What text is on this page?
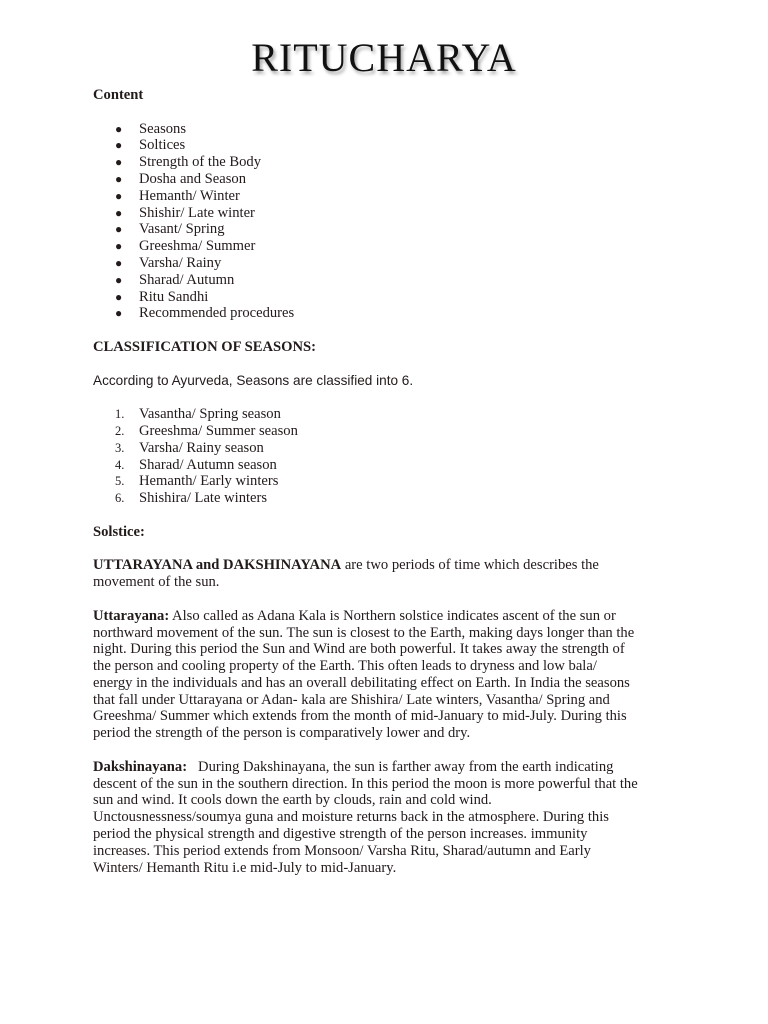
RITUCHARYA

Content

● Seasons
● Soltices
● Strength of the Body
● Dosha and Season
● Hemanth/ Winter
● Shishir/ Late winter
● Vasant/ Spring
● Greeshma/ Summer
● Varsha/ Rainy
● Sharad/ Autumn
● Ritu Sandhi
● Recommended procedures

CLASSIFICATION OF SEASONS:

According to Ayurveda, Seasons are classified into 6.

1. Vasantha/ Spring season
2. Greeshma/ Summer season
3. Varsha/ Rainy season
4. Sharad/ Autumn season
5. Hemanth/ Early winters
6. Shishira/ Late winters

Solstice:

UTTARAYANA and DAKSHINAYANA are two periods of time which describes the
movement of the sun.
Uttarayana: Also called as Adana Kala is Northern solstice indicates ascent of the sun or
northward movement of the sun. The sun is closest to the Earth, making days longer than the
night. During this period the Sun and Wind are both powerful. It takes away the strength of
the person and cooling property of the Earth. This often leads to dryness and low bala/
energy in the individuals and has an overall debilitating effect on Earth. In India the seasons
that fall under Uttarayana or Adan- kala are Shishira/ Late winters, Vasantha/ Spring and
Greeshma/ Summer which extends from the month of mid-January to mid-July. During this
period the strength of the person is comparatively lower and dry.
Dakshinayana:   During Dakshinayana, the sun is farther away from the earth indicating
descent of the sun in the southern direction. In this period the moon is more powerful that the
sun and wind. It cools down the earth by clouds, rain and cold wind.
Unctousnessness/soumya guna and moisture returns back in the atmosphere. During this
period the physical strength and digestive strength of the person increases. immunity
increases. This period extends from Monsoon/ Varsha Ritu, Sharad/autumn and Early
Winters/ Hemanth Ritu i.e mid-July to mid-January.
